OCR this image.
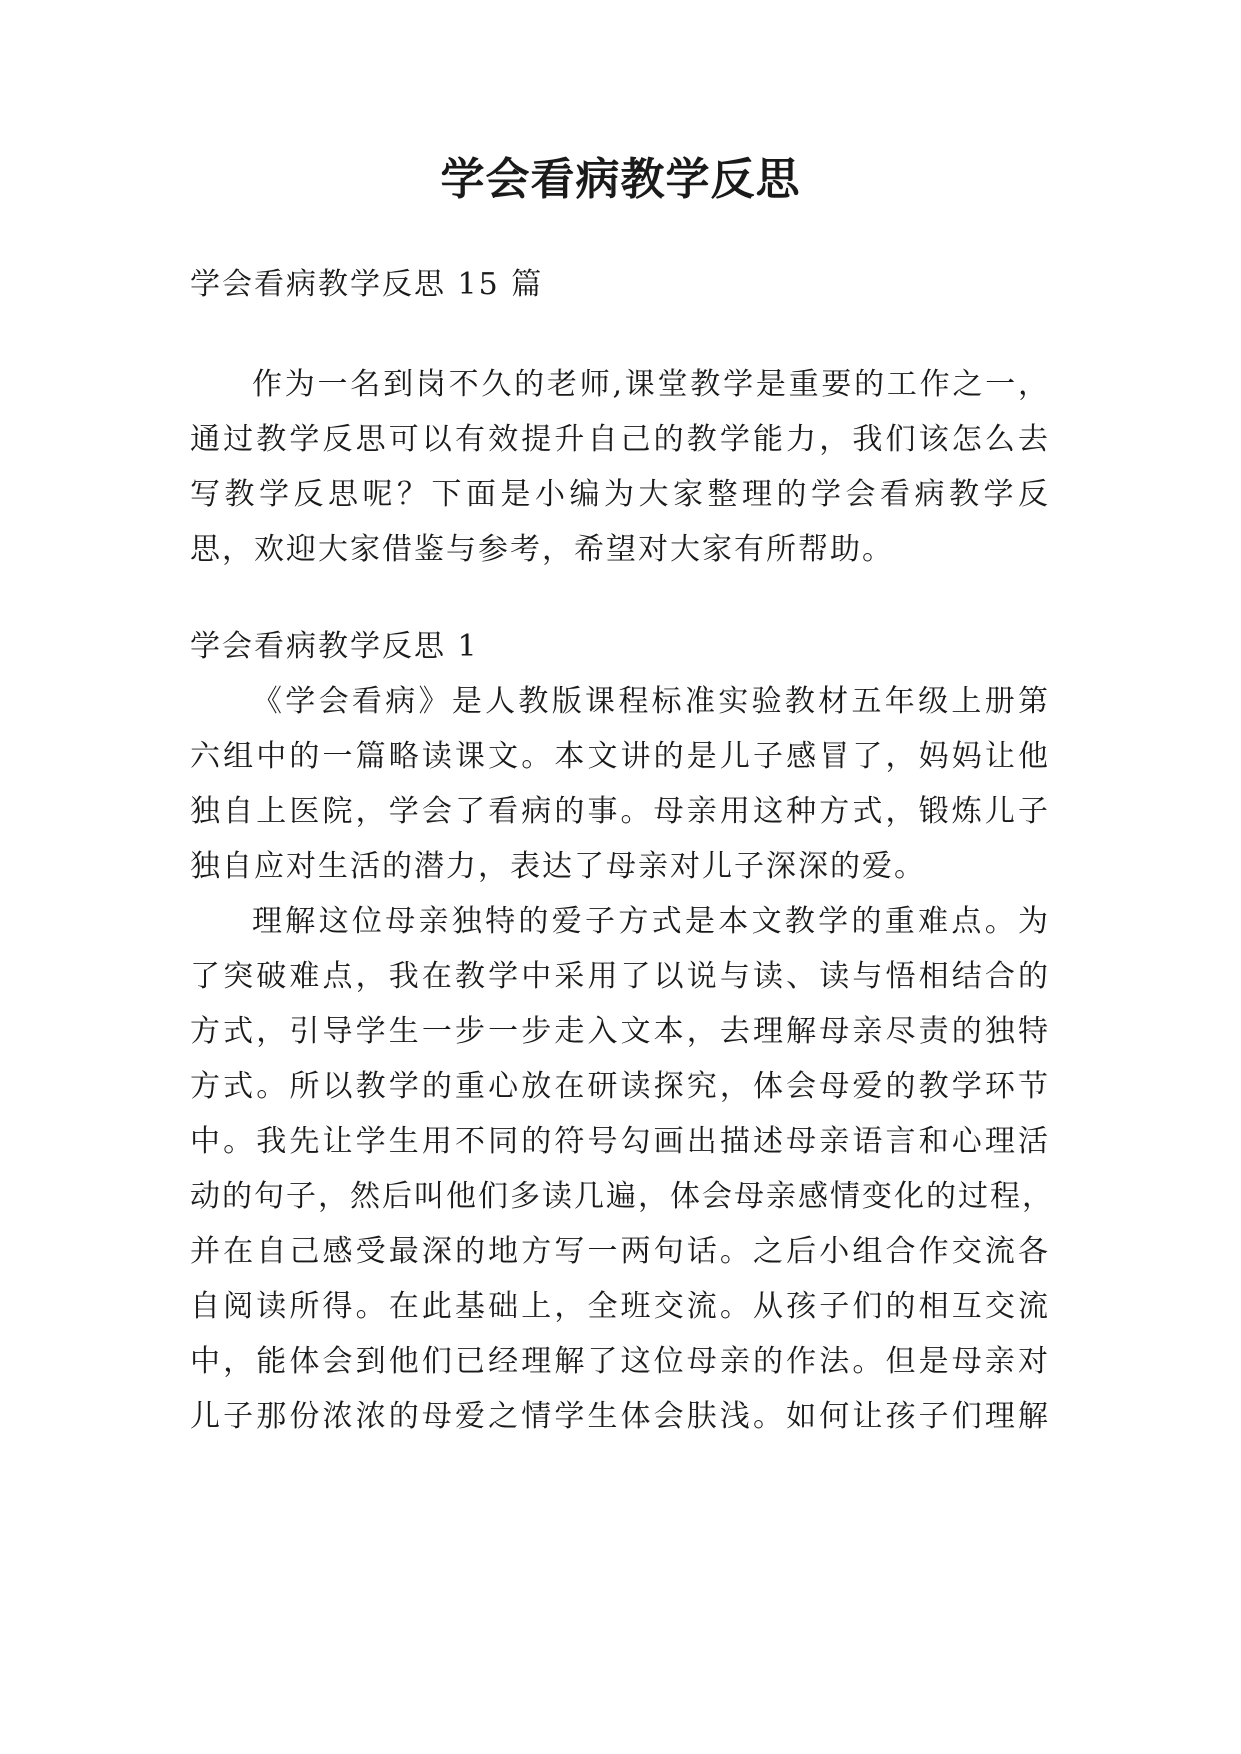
学会看病教学反思
学会看病教学反思 15 篇
作为一名到岗不久的老师,课堂教学是重要的工作之一，
通过教学反思可以有效提升自己的教学能力，我们该怎么去
写教学反思呢？下面是小编为大家整理的学会看病教学反
思，欢迎大家借鉴与参考，希望对大家有所帮助。
学会看病教学反思 1
《学会看病》是人教版课程标准实验教材五年级上册第
六组中的一篇略读课文。本文讲的是儿子感冒了，妈妈让他
独自上医院，学会了看病的事。母亲用这种方式，锻炼儿子
独自应对生活的潜力，表达了母亲对儿子深深的爱。
理解这位母亲独特的爱子方式是本文教学的重难点。为
了突破难点，我在教学中采用了以说与读、读与悟相结合的
方式，引导学生一步一步走入文本，去理解母亲尽责的独特
方式。所以教学的重心放在研读探究，体会母爱的教学环节
中。我先让学生用不同的符号勾画出描述母亲语言和心理活
动的句子，然后叫他们多读几遍，体会母亲感情变化的过程，
并在自己感受最深的地方写一两句话。之后小组合作交流各
自阅读所得。在此基础上，全班交流。从孩子们的相互交流
中，能体会到他们已经理解了这位母亲的作法。但是母亲对
儿子那份浓浓的母爱之情学生体会肤浅。如何让孩子们理解
